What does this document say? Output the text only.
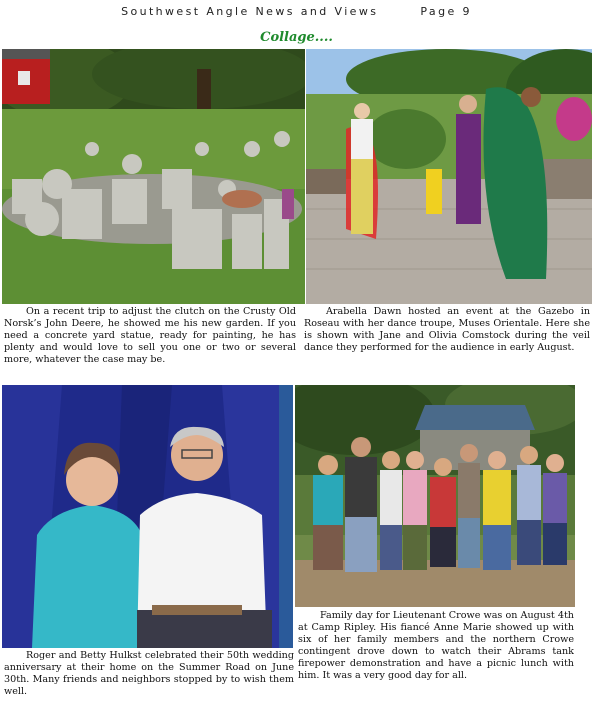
Southwest Angle News and Views	Page 9
Collage....

On a recent trip to adjust the clutch on the Crusty Old Norsk’s John Deere, he showed me his new garden. If you need a concrete yard statue, ready for painting, he has plenty and would love to sell you one or two or several more, whatever the case may be.

Arabella Dawn hosted an event at the Gazebo in Roseau with her dance troupe, Muses Orientale. Here she is shown with Jane and Olivia Comstock during the veil dance they performed for the audience in early August.

Roger and Betty Hulkst celebrated their 50th wedding anniversary at their home on the Summer Road on June 30th. Many friends and neighbors stopped by to wish them well.

Family day for Lieutenant Crowe was on August 4th at Camp Ripley. His fiancé Anne Marie showed up with six of her family members and the northern Crowe contingent drove down to watch their Abrams tank firepower demonstration and have a picnic lunch with him. It was a very good day for all.
